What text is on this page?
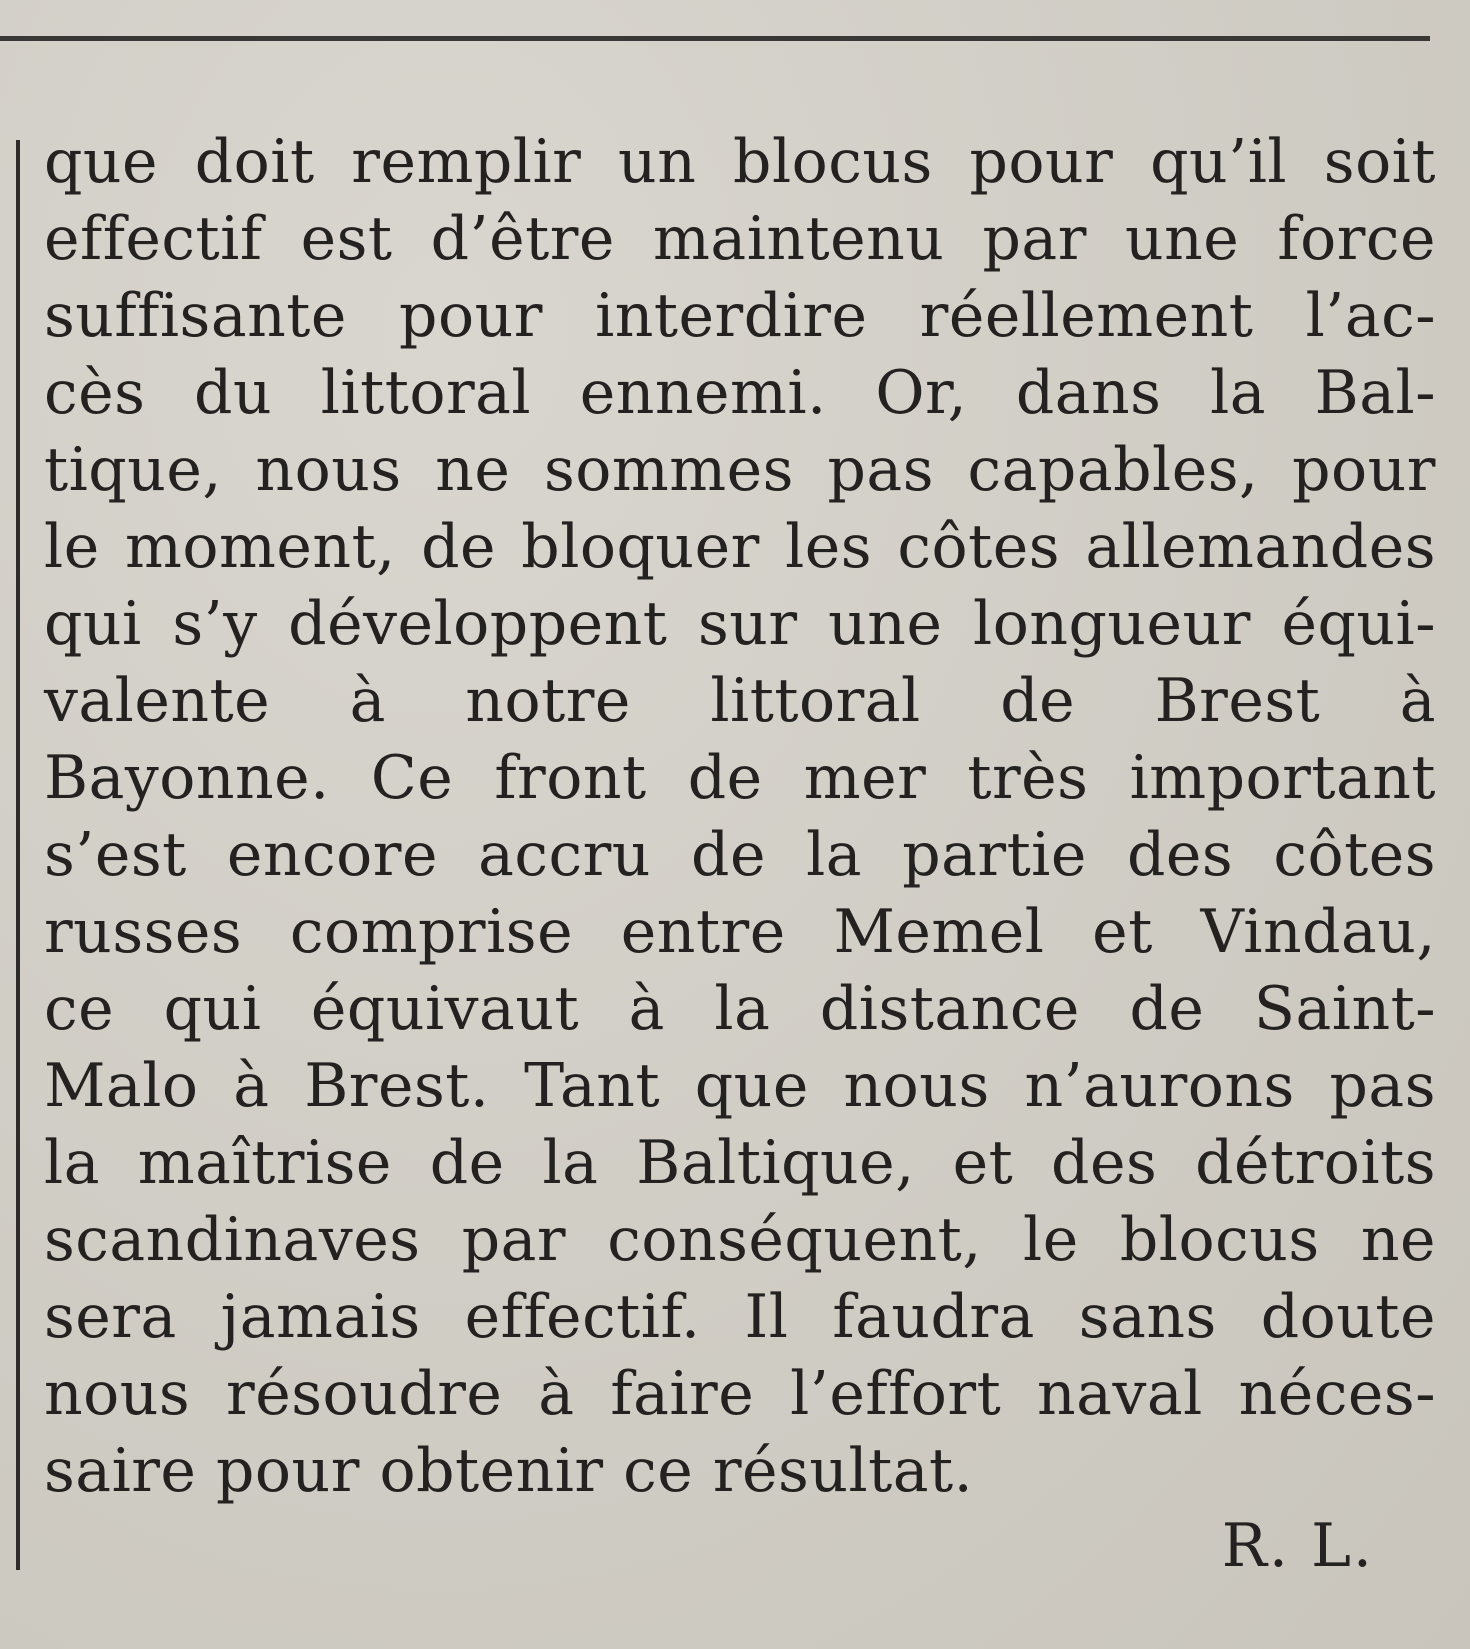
que doit remplir un blocus pour qu’il soit
effectif est d’être maintenu par une force
suffisante pour interdire réellement l’ac-
cès du littoral ennemi. Or, dans la Bal-
tique, nous ne sommes pas capables, pour
le moment, de bloquer les côtes allemandes
qui s’y développent sur une longueur équi-
valente à notre littoral de Brest à
Bayonne. Ce front de mer très important
s’est encore accru de la partie des côtes
russes comprise entre Memel et Vindau,
ce qui équivaut à la distance de Saint-
Malo à Brest. Tant que nous n’aurons pas
la maîtrise de la Baltique, et des détroits
scandinaves par conséquent, le blocus ne
sera jamais effectif. Il faudra sans doute
nous résoudre à faire l’effort naval néces-
saire pour obtenir ce résultat.
R. L.
